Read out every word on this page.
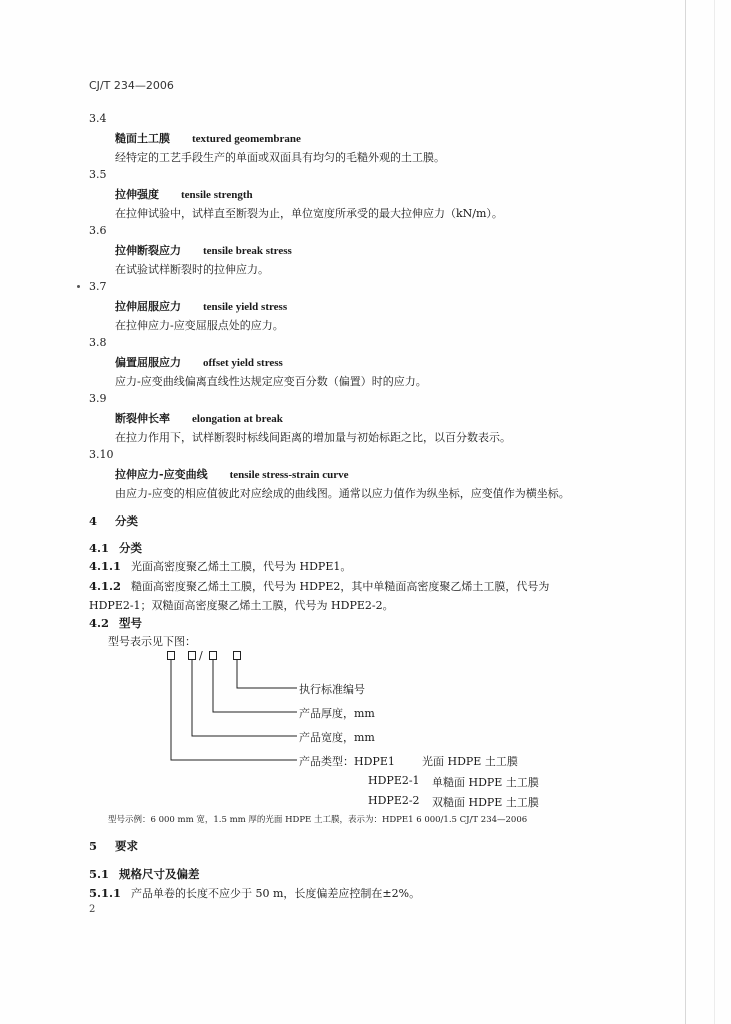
CJ/T 234—2006
3.4
糙面土工膜 textured geomembrane
经特定的工艺手段生产的单面或双面具有均匀的毛糙外观的土工膜。
3.5
拉伸强度 tensile strength
在拉伸试验中，试样直至断裂为止，单位宽度所承受的最大拉伸应力（kN/m）。
3.6
拉伸断裂应力 tensile break stress
在试验试样断裂时的拉伸应力。
3.7
拉伸屈服应力 tensile yield stress
在拉伸应力-应变屈服点处的应力。
3.8
偏置屈服应力 offset yield stress
应力-应变曲线偏离直线性达规定应变百分数（偏置）时的应力。
3.9
断裂伸长率 elongation at break
在拉力作用下，试样断裂时标线间距离的增加量与初始标距之比，以百分数表示。
3.10
拉伸应力-应变曲线 tensile stress-strain curve
由应力-应变的相应值彼此对应绘成的曲线图。通常以应力值作为纵坐标，应变值作为横坐标。
4 分类
4.1 分类
4.1.1 光面高密度聚乙烯土工膜，代号为 HDPE1。
4.1.2 糙面高密度聚乙烯土工膜，代号为 HDPE2，其中单糙面高密度聚乙烯土工膜，代号为
HDPE2-1；双糙面高密度聚乙烯土工膜，代号为 HDPE2-2。
4.2 型号
型号表示见下图：
/
执行标准编号
产品厚度，mm
产品宽度，mm
产品类型：HDPE1 光面 HDPE 土工膜
HDPE2-1 单糙面 HDPE 土工膜
HDPE2-2 双糙面 HDPE 土工膜
型号示例：6 000 mm 宽，1.5 mm 厚的光面 HDPE 土工膜，表示为：HDPE1 6 000/1.5 CJ/T 234—2006
5 要求
5.1 规格尺寸及偏差
5.1.1 产品单卷的长度不应少于 50 m，长度偏差应控制在±2%。
2
